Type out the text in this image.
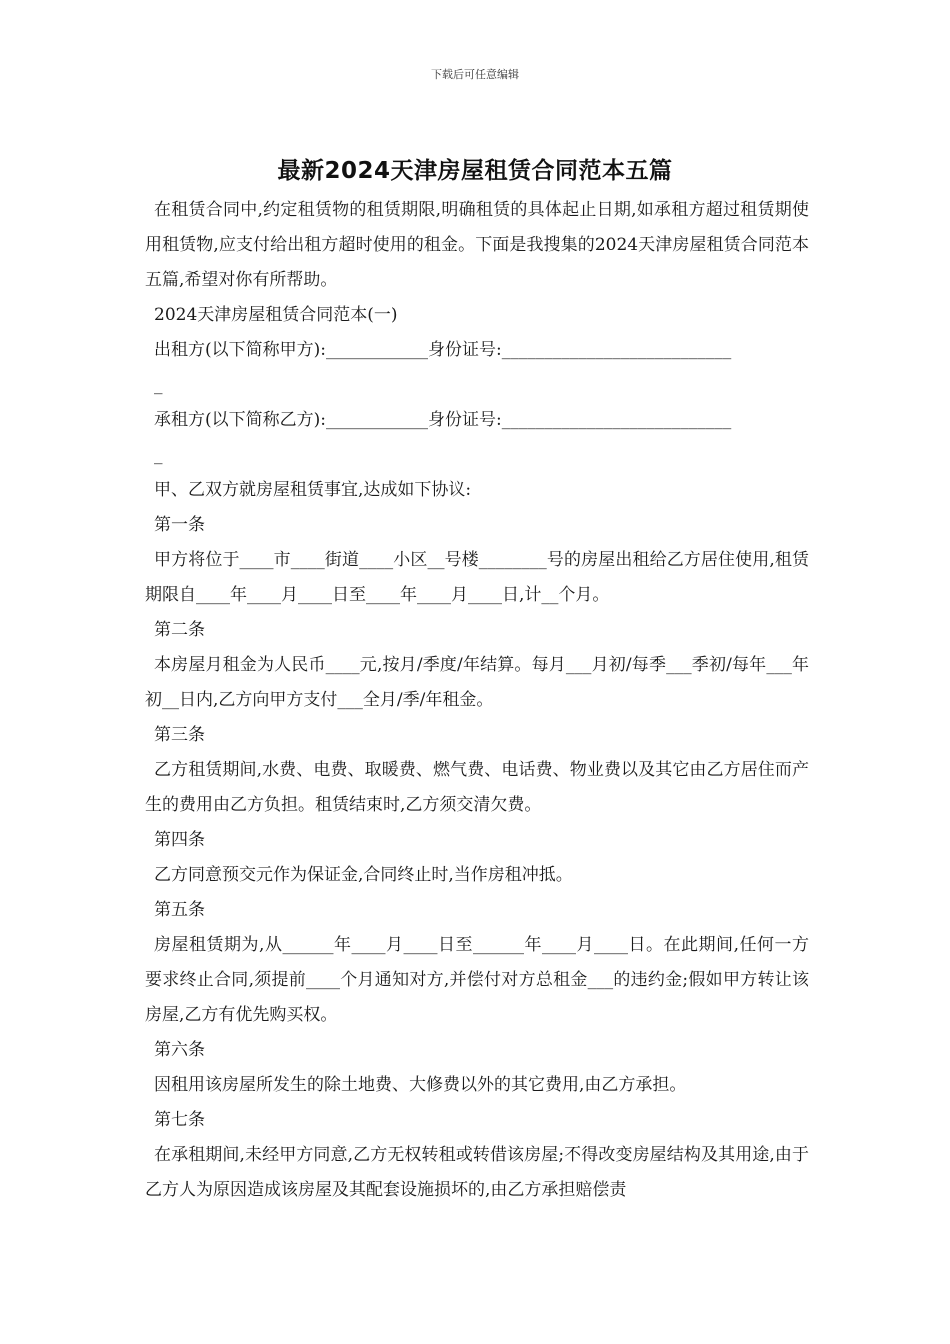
下载后可任意编辑
最新2024天津房屋租赁合同范本五篇

在租赁合同中,约定租赁物的租赁期限,明确租赁的具体起止日期,如承租方超过租赁期使用租赁物,应支付给出租方超时使用的租金。下面是我搜集的2024天津房屋租赁合同范本五篇,希望对你有所帮助。

2024天津房屋租赁合同范本(一)

出租方(以下简称甲方):____________身份证号:___________________________

_

承租方(以下简称乙方):____________身份证号:___________________________

_

甲、乙双方就房屋租赁事宜,达成如下协议:

第一条

甲方将位于____市____街道____小区__号楼________号的房屋出租给乙方居住使用,租赁期限自____年____月____日至____年____月____日,计__个月。

第二条

本房屋月租金为人民币____元,按月/季度/年结算。每月___月初/每季___季初/每年___年初__日内,乙方向甲方支付___全月/季/年租金。

第三条

乙方租赁期间,水费、电费、取暖费、燃气费、电话费、物业费以及其它由乙方居住而产生的费用由乙方负担。租赁结束时,乙方须交清欠费。

第四条

乙方同意预交元作为保证金,合同终止时,当作房租冲抵。

第五条

房屋租赁期为,从______年____月____日至______年____月____日。在此期间,任何一方要求终止合同,须提前____个月通知对方,并偿付对方总租金___的违约金;假如甲方转让该房屋,乙方有优先购买权。

第六条

因租用该房屋所发生的除土地费、大修费以外的其它费用,由乙方承担。

第七条

在承租期间,未经甲方同意,乙方无权转租或转借该房屋;不得改变房屋结构及其用途,由于乙方人为原因造成该房屋及其配套设施损坏的,由乙方承担赔偿责
